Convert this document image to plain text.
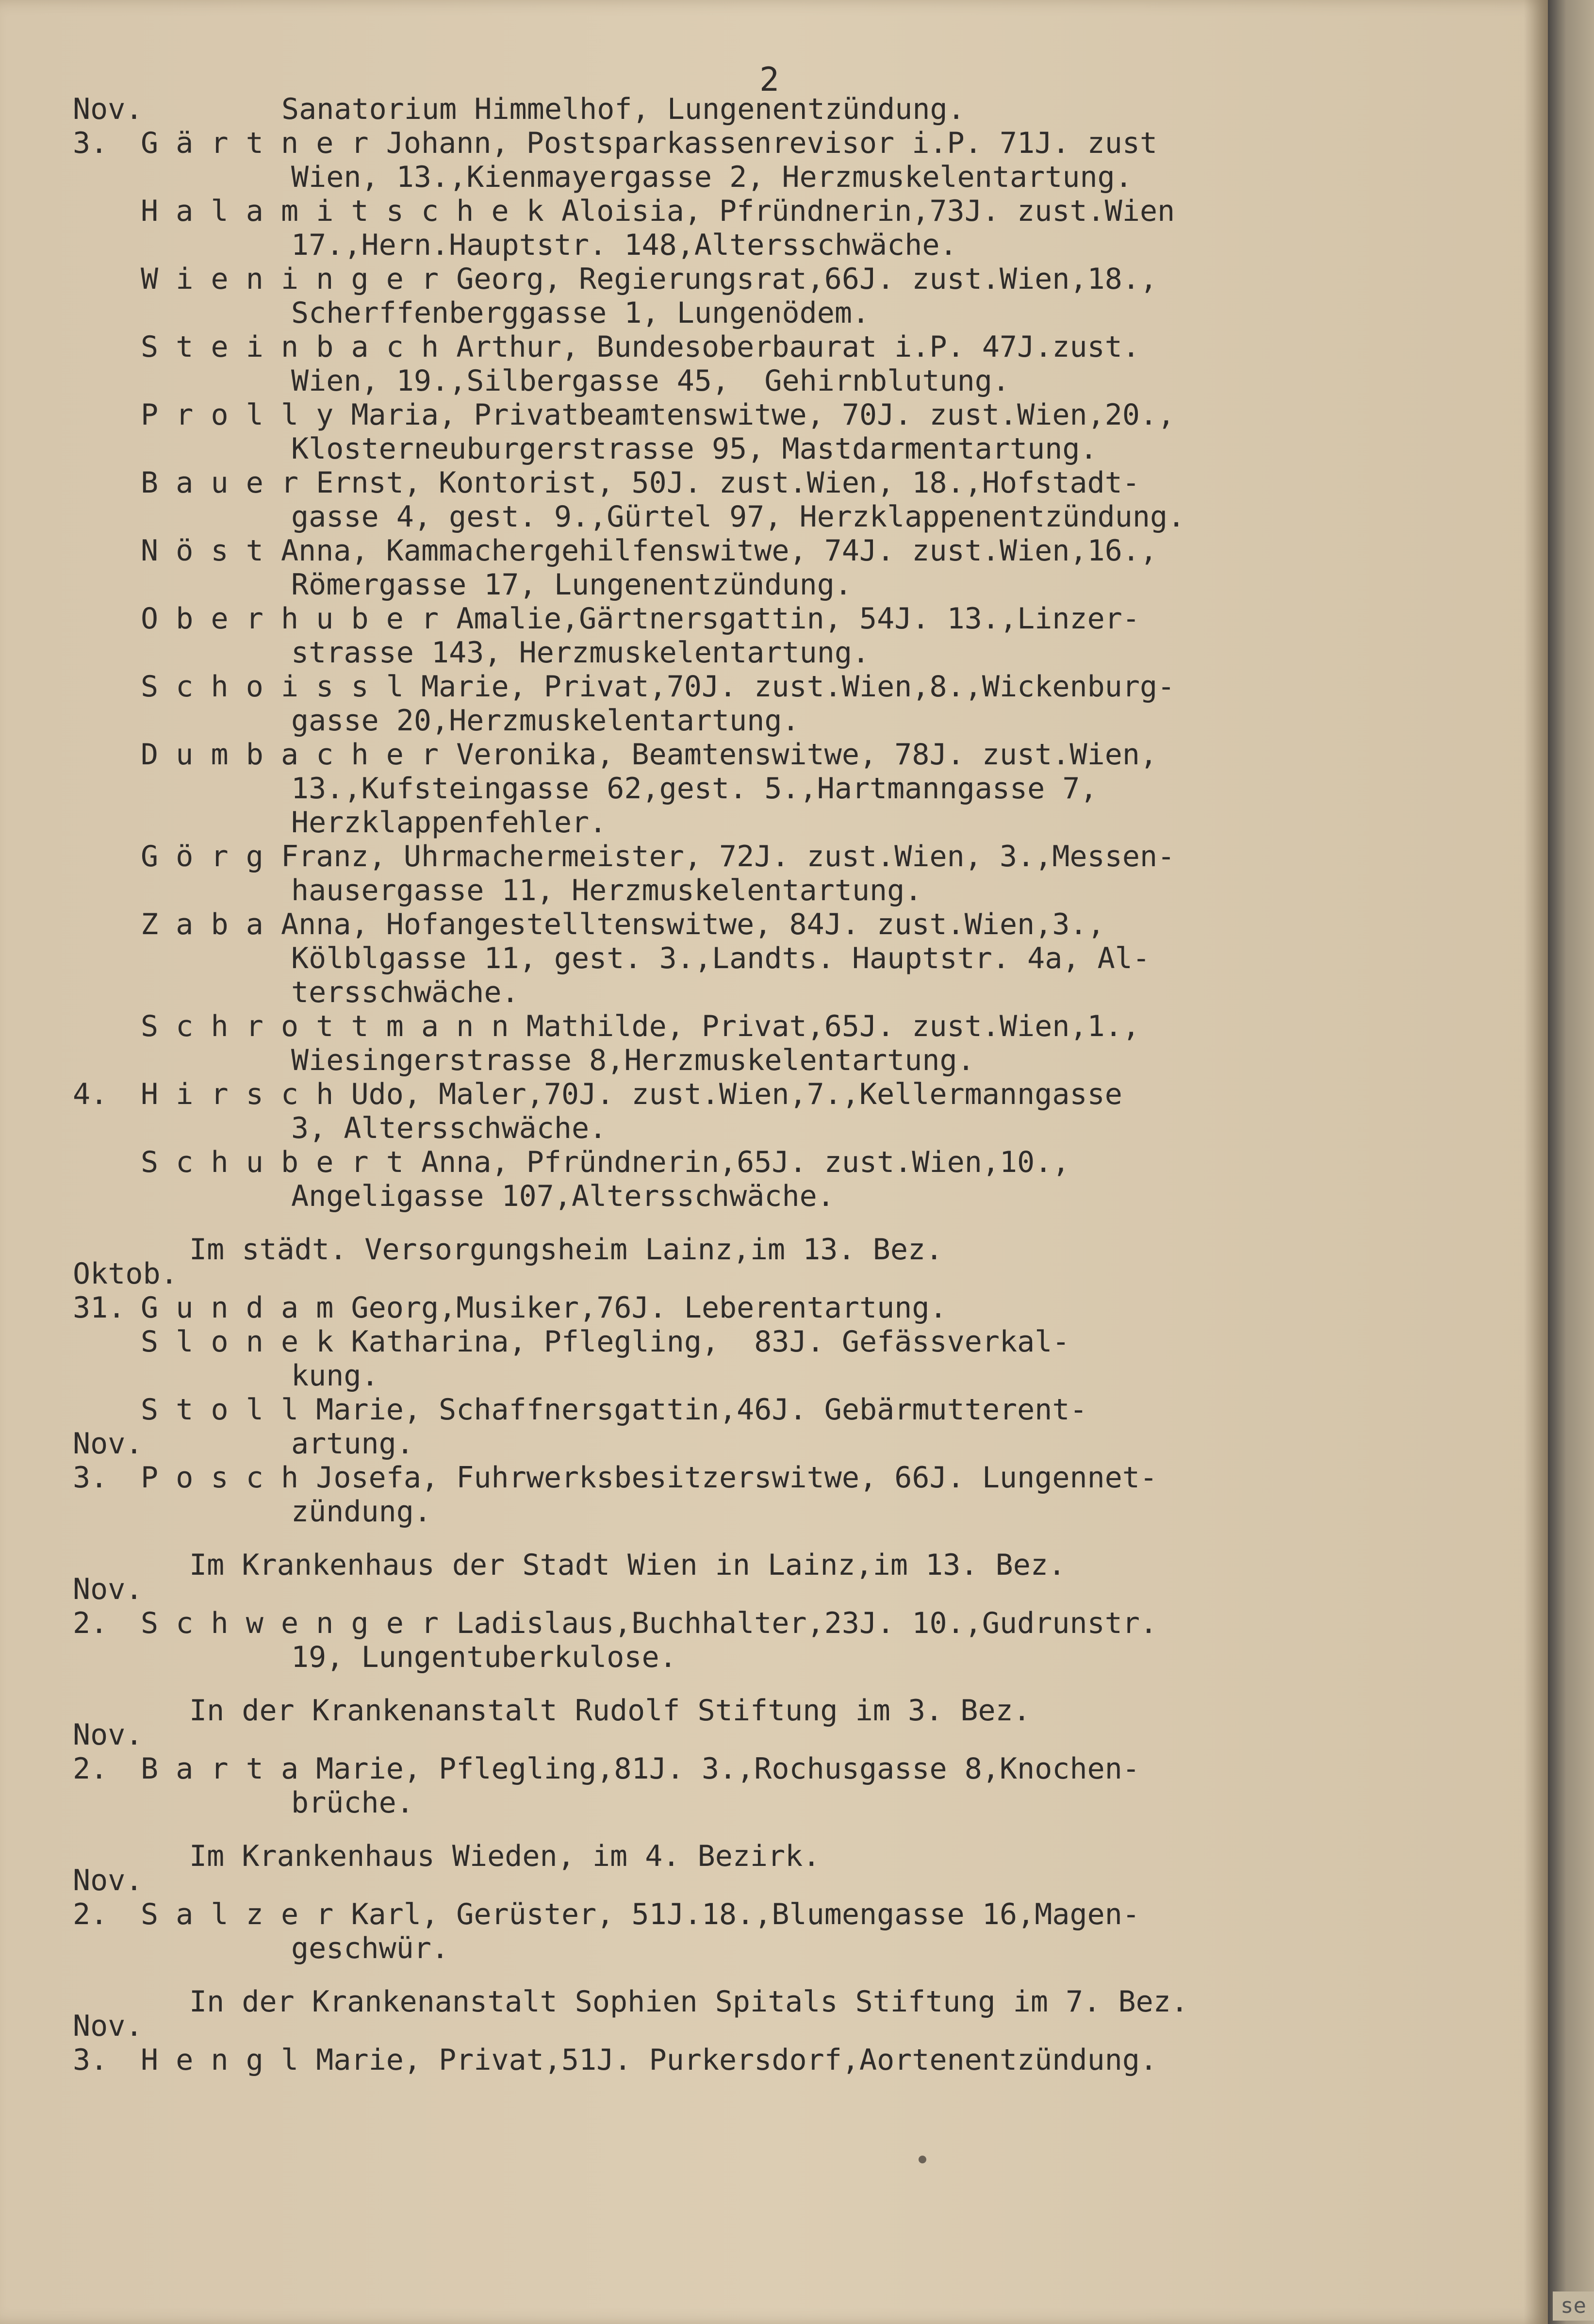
se
2
Sanatorium Himmelhof, Lungenentzündung.
Nov.
3. G ä r t n e r Johann, Postsparkassenrevisor i.P. 71J. zust
Wien, 13.,Kienmayergasse 2, Herzmuskelentartung.
H a l a m i t s c h e k Aloisia, Pfründnerin,73J. zust.Wien
17.,Hern.Hauptstr. 148,Altersschwäche.
W i e n i n g e r Georg, Regierungsrat,66J. zust.Wien,18.,
Scherffenberggasse 1, Lungenödem.
S t e i n b a c h Arthur, Bundesoberbaurat i.P. 47J.zust.
Wien, 19.,Silbergasse 45,  Gehirnblutung.
P r o l l y Maria, Privatbeamtenswitwe, 70J. zust.Wien,20.,
Klosterneuburgerstrasse 95, Mastdarmentartung.
B a u e r Ernst, Kontorist, 50J. zust.Wien, 18.,Hofstadt-
gasse 4, gest. 9.,Gürtel 97, Herzklappenentzündung.
N ö s t Anna, Kammachergehilfenswitwe, 74J. zust.Wien,16.,
Römergasse 17, Lungenentzündung.
O b e r h u b e r Amalie,Gärtnersgattin, 54J. 13.,Linzer-
strasse 143, Herzmuskelentartung.
S c h o i s s l Marie, Privat,70J. zust.Wien,8.,Wickenburg-
gasse 20,Herzmuskelentartung.
D u m b a c h e r Veronika, Beamtenswitwe, 78J. zust.Wien,
13.,Kufsteingasse 62,gest. 5.,Hartmanngasse 7,
Herzklappenfehler.
G ö r g Franz, Uhrmachermeister, 72J. zust.Wien, 3.,Messen-
hausergasse 11, Herzmuskelentartung.
Z a b a Anna, Hofangestelltenswitwe, 84J. zust.Wien,3.,
Kölblgasse 11, gest. 3.,Landts. Hauptstr. 4a, Al-
tersschwäche.
S c h r o t t m a n n Mathilde, Privat,65J. zust.Wien,1.,
Wiesingerstrasse 8,Herzmuskelentartung.
4. H i r s c h Udo, Maler,70J. zust.Wien,7.,Kellermanngasse
3, Altersschwäche.
S c h u b e r t Anna, Pfründnerin,65J. zust.Wien,10.,
Angeligasse 107,Altersschwäche.
Im städt. Versorgungsheim Lainz,im 13. Bez.
Oktob.
31. G u n d a m Georg,Musiker,76J. Leberentartung.
S l o n e k Katharina, Pflegling,  83J. Gefässverkal-
kung.
S t o l l Marie, Schaffnersgattin,46J. Gebärmutterent-
Nov.	artung.
3. P o s c h Josefa, Fuhrwerksbesitzerswitwe, 66J. Lungennet-
zündung.
Im Krankenhaus der Stadt Wien in Lainz,im 13. Bez.
Nov.
2. S c h w e n g e r Ladislaus,Buchhalter,23J. 10.,Gudrunstr.
19, Lungentuberkulose.
In der Krankenanstalt Rudolf Stiftung im 3. Bez.
Nov.
2. B a r t a Marie, Pflegling,81J. 3.,Rochusgasse 8,Knochen-
brüche.
Im Krankenhaus Wieden, im 4. Bezirk.
Nov.
2. S a l z e r Karl, Gerüster, 51J.18.,Blumengasse 16,Magen-
geschwür.
In der Krankenanstalt Sophien Spitals Stiftung im 7. Bez.
Nov.
3. H e n g l Marie, Privat,51J. Purkersdorf,Aortenentzündung.
